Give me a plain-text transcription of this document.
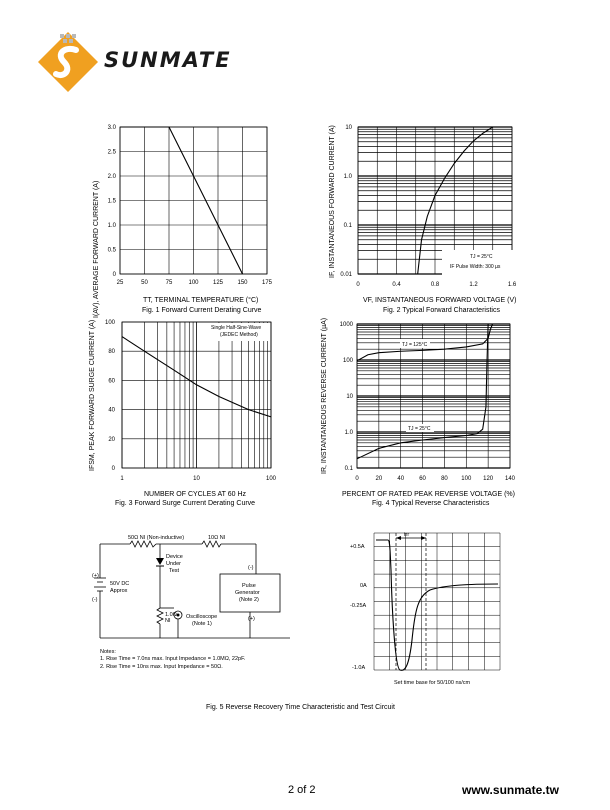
SUNMATE
I(AV), AVERAGE FORWARD CURRENT (A)
3.0
2.5
2.0
1.5
1.0
0.5
0
25	50	75	100 125 150 175
TT, TERMINAL TEMPERATURE (°C)
Fig. 1 Forward Current Derating Curve
IF, INSTANTANEOUS FORWARD CURRENT (A) 10
1.0
0.1
0.01
0	0.4	0.8	1.2	1.6
TJ = 25°C
IF Pulse Width: 300 µs
VF, INSTANTANEOUS FORWARD VOLTAGE (V)
Fig. 2 Typical Forward Characteristics
IFSM, PEAK FORWARD SURGE CURRENT (A) 100
80
60
40
20
0
1	10	100
Single Half-Sine-Wave
(JEDEC Method)
NUMBER OF CYCLES AT 60 Hz
Fig. 3 Forward Surge Current Derating Curve
IR, INSTANTANEOUS REVERSE CURRENT (µA) 1000
100
10
1.0
0.1
0	20	40	60	80 100 120 140
TJ = 125°C
TJ = 25°C
PERCENT OF RATED PEAK REVERSE VOLTAGE (%)
Fig. 4 Typical Reverse Characteristics
50Ω NI (Non-inductive)	10Ω NI
Device
Under
Test
50V DC
Approx
(+)
(-)
(-)
(+)
Pulse
Generator
(Note 2)
1.0Ω
NI
Oscilloscope
(Note 1)
Notes:
1. Rise Time = 7.0ns max. Input Impedance = 1.0MΩ, 22pF.
2. Rise Time = 10ns max. Input Impedance = 50Ω.
trr
+0.5A
0A
-0.25A
-1.0A
Set time base for 50/100 ns/cm
Fig. 5 Reverse Recovery Time Characteristic and Test Circuit
2 of 2	www.sunmate.tw
